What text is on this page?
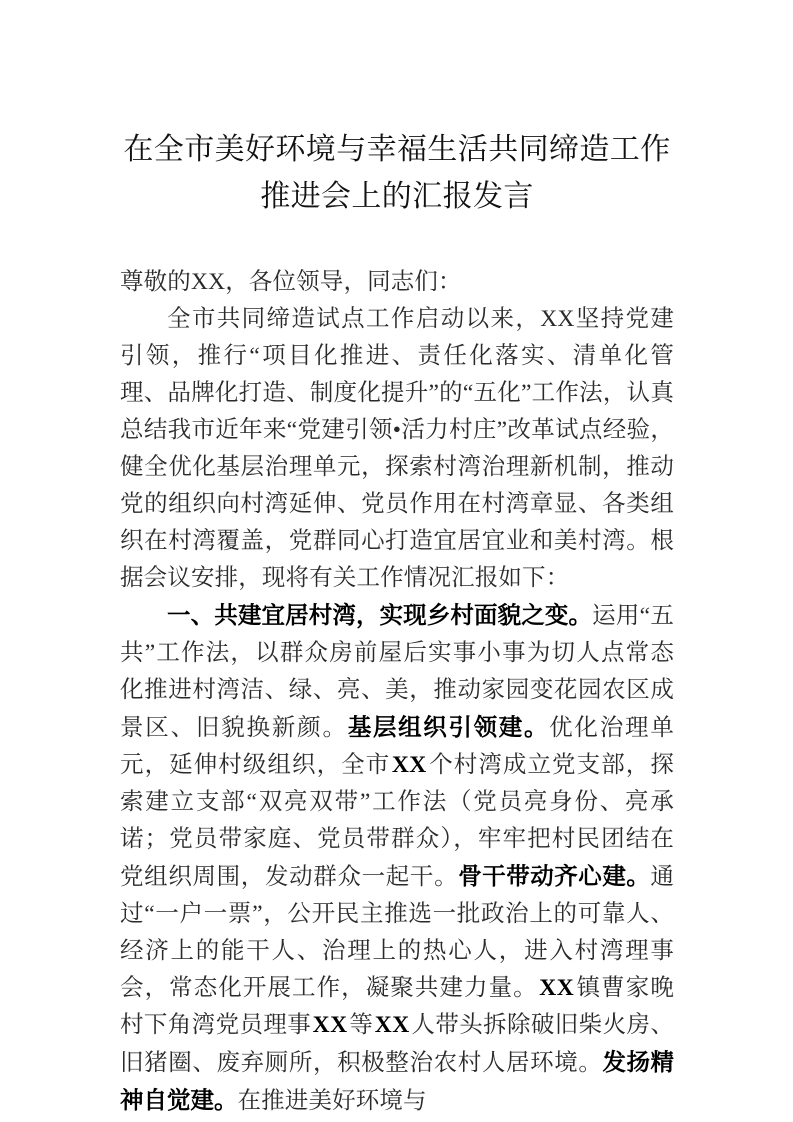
在全市美好环境与幸福生活共同缔造工作
推进会上的汇报发言

尊敬的XX，各位领导，同志们：

全市共同缔造试点工作启动以来，XX坚持党建引领，推行“项目化推进、责任化落实、清单化管理、品牌化打造、制度化提升”的“五化”工作法，认真总结我市近年来“党建引领•活力村庄”改革试点经验，健全优化基层治理单元，探索村湾治理新机制，推动党的组织向村湾延伸、党员作用在村湾章显、各类组织在村湾覆盖，党群同心打造宜居宜业和美村湾。根据会议安排，现将有关工作情况汇报如下：

一、共建宜居村湾，实现乡村面貌之变。运用“五共”工作法，以群众房前屋后实事小事为切人点常态化推进村湾洁、绿、亮、美，推动家园变花园农区成景区、旧貌换新颜。基层组织引领建。优化治理单元，延伸村级组织，全市XX个村湾成立党支部，探索建立支部“双亮双带”工作法（党员亮身份、亮承诺；党员带家庭、党员带群众），牢牢把村民团结在党组织周围，发动群众一起干。骨干带动齐心建。通过“一户一票”，公开民主推选一批政治上的可靠人、经济上的能干人、治理上的热心人，进入村湾理事会，常态化开展工作，凝聚共建力量。XX镇曹家晚村下角湾党员理事XX等XX人带头拆除破旧柴火房、旧猪圈、废弃厕所，积极整治农村人居环境。发扬精神自觉建。在推进美好环境与
